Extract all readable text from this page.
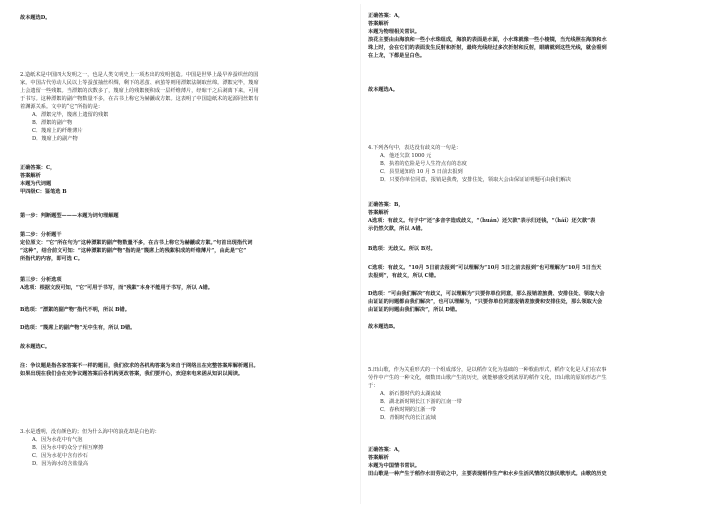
故本题选D。

2.造纸术是中国四大发明之一，也是人类文明史上一项杰出的发明创造。中国是世界上最早养蚕织丝的国

家。中国古代劳动人民以上等蚕茧抽丝织绸，剩下的恶茧、病茧等则用漂絮法制取丝绵。漂絮完毕，篾席

上会遗留一些残絮。当漂絮的次数多了，篾席上的残絮便积成一层纤维薄片，经晾干之后剥离下来，可用

于书写。这种漂絮的副产物数量不多，在古书上称它为赫蹏或方絮。这表明了中国造纸术的起源同丝絮有

着渊源关系。文中的“它”所指的是：

A．漂絮完毕，篾席上遗留的残絮

B．漂絮的副产物

C．篾席上的纤维薄片

D．篾席上的副产物

正确答案：C，

答案解析

本题为代词题

甲四级C：鉴笔选 B

第一步：判断题型———本题为词句理解题

第二步：分析题干

定位原文：“它”所在句为“这种漂絮的副产物数量不多，在古书上称它为赫蹏或方絮。”句首出现指代词

“这种”，结合前文可知：“这种漂絮的副产物”指的是“篾席上的残絮积成的纤维薄片”，由此是“它”

所指代的内容，即可选 C。

第三步：分析选项

A选项：根据文段可知，“它”可用于书写，而“残絮”本身不能用于书写，所以 A错。

B选项：“漂絮的副产物”指代不明，所以 B错。
D选项：“篾席上的副产物”无中生有，所以 D错。
故本题选C。

注：争议题是指各家答案不一样的题目，我们依求的各机构答案为来自于网络且在完整答案库解析题目。

如果出现在我们会在完争议题答案后各机构更改答案，我们要开心，欢迎来电来函从知识以阅读。

3.水是透明，没有颜色的；但为什么海中的浪花却是白色的：

A．因为水花中有气泡

B．因为水中的众分子相互摩擦

C．因为水花中含有沙石

D．因为海水的含盐量高

正确答案：A，

答案解析

本题为物理相关常识。

浪花主要由由海浪和一些小水珠组成，海浪的表面是水面，小水珠就像一些小棱镜，当光线照在海浪和水

珠上时，会在它们的表面发生反射和折射，最终光线经过多次折射和反射，眼睛就到这些光线，就会看到

在上龙，下都是呈白色。

故本题选A。

4.下列各句中，表达没有歧义的一句是：

A．他还欠款 1000 元

B．执着的危险是号人生符点有的态度

C．县里通知给 10 月 5 日前去报到

D．只要你单位同意，报销是我费，安排住处，领取大会由保证证明题可由我们解决

正确答案：B，

答案解析

A选项：有歧义。句子中“还”多音字造成歧义，“（huán）还欠款”表示归还钱，“（hái）还欠款”表

示仍然欠款，所以 A错。

B选项：无歧义。所以 B对。

C选项：有歧义。“10月 5日前去报到”可以理解为“10月 5日之前去报到”也可理解为“10月 5日当天

去报到”，有歧义，所以 C错。

D选项：“可由我们解决”有歧义，可以理解为“只要你单位同意，那么报销差旅费、安排住处、领取大会

由证证的问题都由我们解决”，也可以理解为，“只要你单位同意报销差旅费和安排住处，那么领取大会

由证证的问题由我们解决”，所以 D错。

故本题选B。

5.田山歌，作为关重形式的一个组成部分，是以稻作文化为基础的一种歌曲形式，稻作文化是人们在农事

劳作中产生的一种文化，细数田山歌产生的历史，就能够感受到浓厚的稻作文化，田山歌的原始形态产生

于：

A．新石器时代的太湖流域

B．湖北新时期长江下游的江南一带

C．春秋时期的江浙一带

D．青铜时代的长江流域

正确答案：A，

答案解析

本题为中国情书常识。

田山歌是一种产生于稻作水田劳动之中，主要表现稻作生产和水乡生活风情的汉族民歌形式。由歌的历史
